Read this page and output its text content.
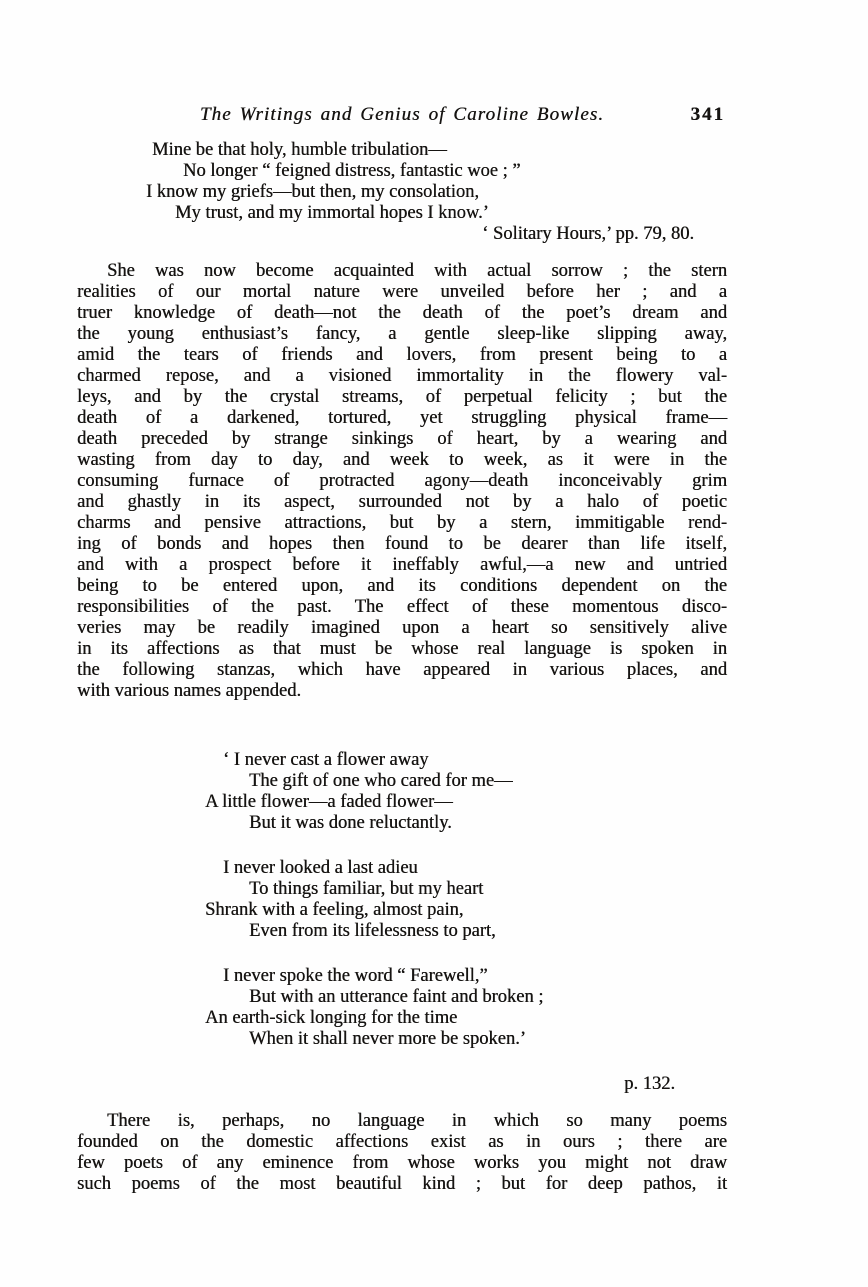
The Writings and Genius of Caroline Bowles.	341
Mine be that holy, humble tribulation—
No longer “ feigned distress, fantastic woe ; ”
I know my griefs—but then, my consolation,
My trust, and my immortal hopes I know.’
‘ Solitary Hours,’ pp. 79, 80.
She was now become acquainted with actual sorrow ; the stern
realities of our mortal nature were unveiled before her ; and a
truer knowledge of death—not the death of the poet’s dream and
the young enthusiast’s fancy, a gentle sleep-like slipping away,
amid the tears of friends and lovers, from present being to a
charmed repose, and a visioned immortality in the flowery val-
leys, and by the crystal streams, of perpetual felicity ; but the
death of a darkened, tortured, yet struggling physical frame—
death preceded by strange sinkings of heart, by a wearing and
wasting from day to day, and week to week, as it were in the
consuming furnace of protracted agony—death inconceivably grim
and ghastly in its aspect, surrounded not by a halo of poetic
charms and pensive attractions, but by a stern, immitigable rend-
ing of bonds and hopes then found to be dearer than life itself,
and with a prospect before it ineffably awful,—a new and untried
being to be entered upon, and its conditions dependent on the
responsibilities of the past. The effect of these momentous disco-
veries may be readily imagined upon a heart so sensitively alive
in its affections as that must be whose real language is spoken in
the following stanzas, which have appeared in various places, and
with various names appended.
‘ I never cast a flower away
The gift of one who cared for me—
A little flower—a faded flower—
But it was done reluctantly.
I never looked a last adieu
To things familiar, but my heart
Shrank with a feeling, almost pain,
Even from its lifelessness to part,
I never spoke the word “ Farewell,”
But with an utterance faint and broken ;
An earth-sick longing for the time
When it shall never more be spoken.’
p. 132.
There is, perhaps, no language in which so many poems
founded on the domestic affections exist as in ours ; there are
few poets of any eminence from whose works you might not draw
such poems of the most beautiful kind ; but for deep pathos, it
